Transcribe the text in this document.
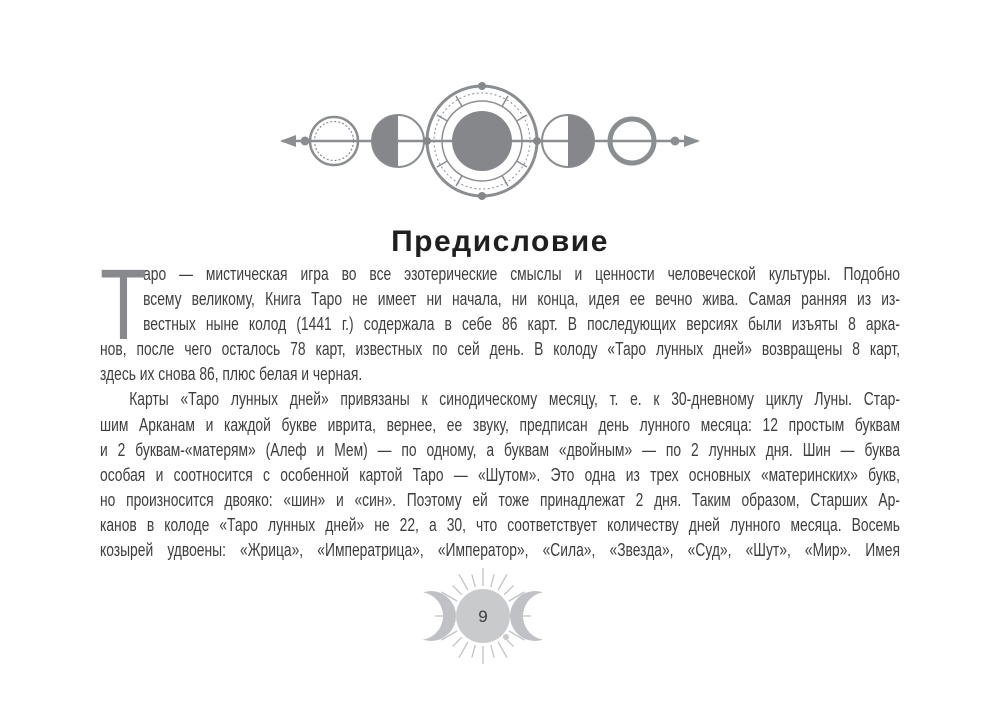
Предисловие
Т
аро — мистическая игра во все эзотерические смыслы и ценности человеческой культуры. Подобно
всему великому, Книга Таро не имеет ни начала, ни конца, идея ее вечно жива. Самая ранняя из из-
вестных ныне колод (1441 г.) содержала в себе 86 карт. В последующих версиях были изъяты 8 арка-
нов, после чего осталось 78 карт, известных по сей день. В колоду «Таро лунных дней» возвращены 8 карт,
здесь их снова 86, плюс белая и черная.
Карты «Таро лунных дней» привязаны к синодическому месяцу, т. е. к 30-дневному циклу Луны. Стар-
шим Арканам и каждой букве иврита, вернее, ее звуку, предписан день лунного месяца: 12 простым буквам
и 2 буквам-«матерям» (Алеф и Мем) — по одному, а буквам «двойным» — по 2 лунных дня. Шин — буква
особая и соотносится с особенной картой Таро — «Шутом». Это одна из трех основных «материнских» букв,
но произносится двояко: «шин» и «син». Поэтому ей тоже принадлежат 2 дня. Таким образом, Старших Ар-
канов в колоде «Таро лунных дней» не 22, а 30, что соответствует количеству дней лунного месяца. Восемь
козырей удвоены: «Жрица», «Императрица», «Император», «Сила», «Звезда», «Суд», «Шут», «Мир». Имея
9
